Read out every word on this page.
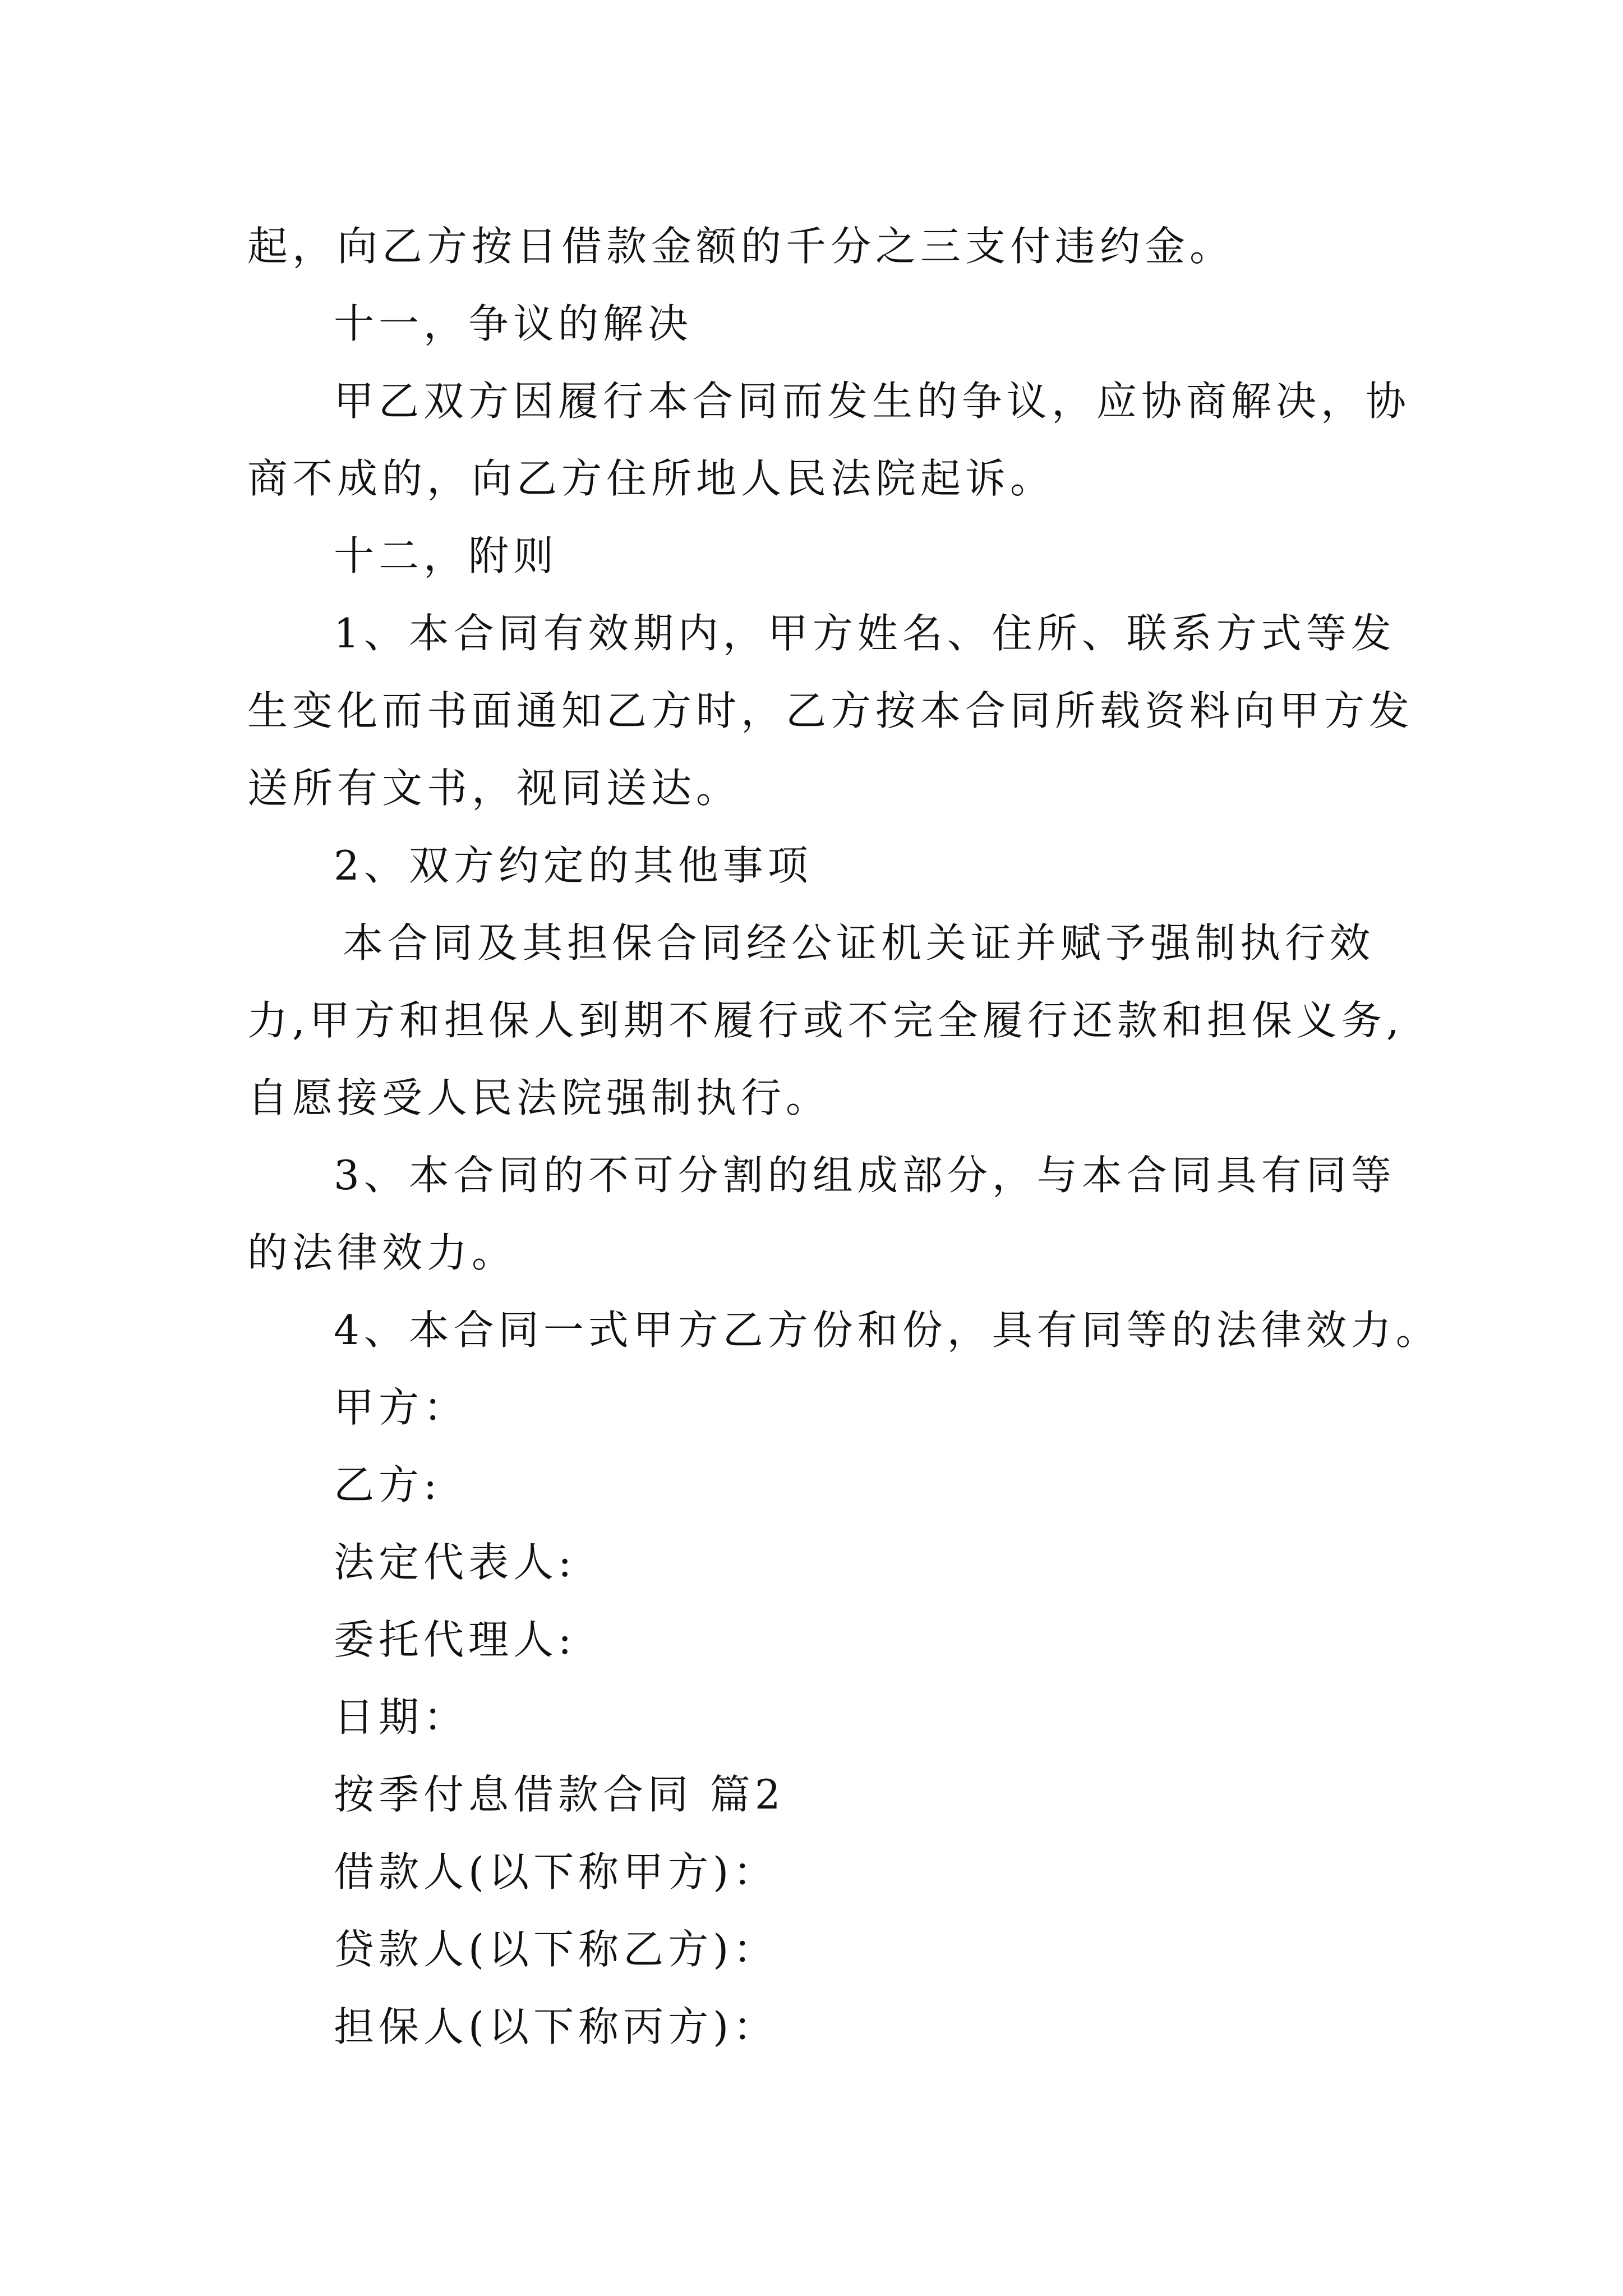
起，向乙方按日借款金额的千分之三支付违约金。
十一，争议的解决
甲乙双方因履行本合同而发生的争议，应协商解决，协
商不成的，向乙方住所地人民法院起诉。
十二，附则
1、本合同有效期内，甲方姓名、住所、联系方式等发
生变化而书面通知乙方时，乙方按本合同所载资料向甲方发
送所有文书，视同送达。
2、双方约定的其他事项
本合同及其担保合同经公证机关证并赋予强制执行效
力,甲方和担保人到期不履行或不完全履行还款和担保义务,
自愿接受人民法院强制执行。
3、本合同的不可分割的组成部分，与本合同具有同等
的法律效力。
4、本合同一式甲方乙方份和份，具有同等的法律效力。
甲方：
乙方:
法定代表人:
委托代理人:
日期：
按季付息借款合同 篇2
借款人(以下称甲方)：
贷款人(以下称乙方)：
担保人(以下称丙方)：
